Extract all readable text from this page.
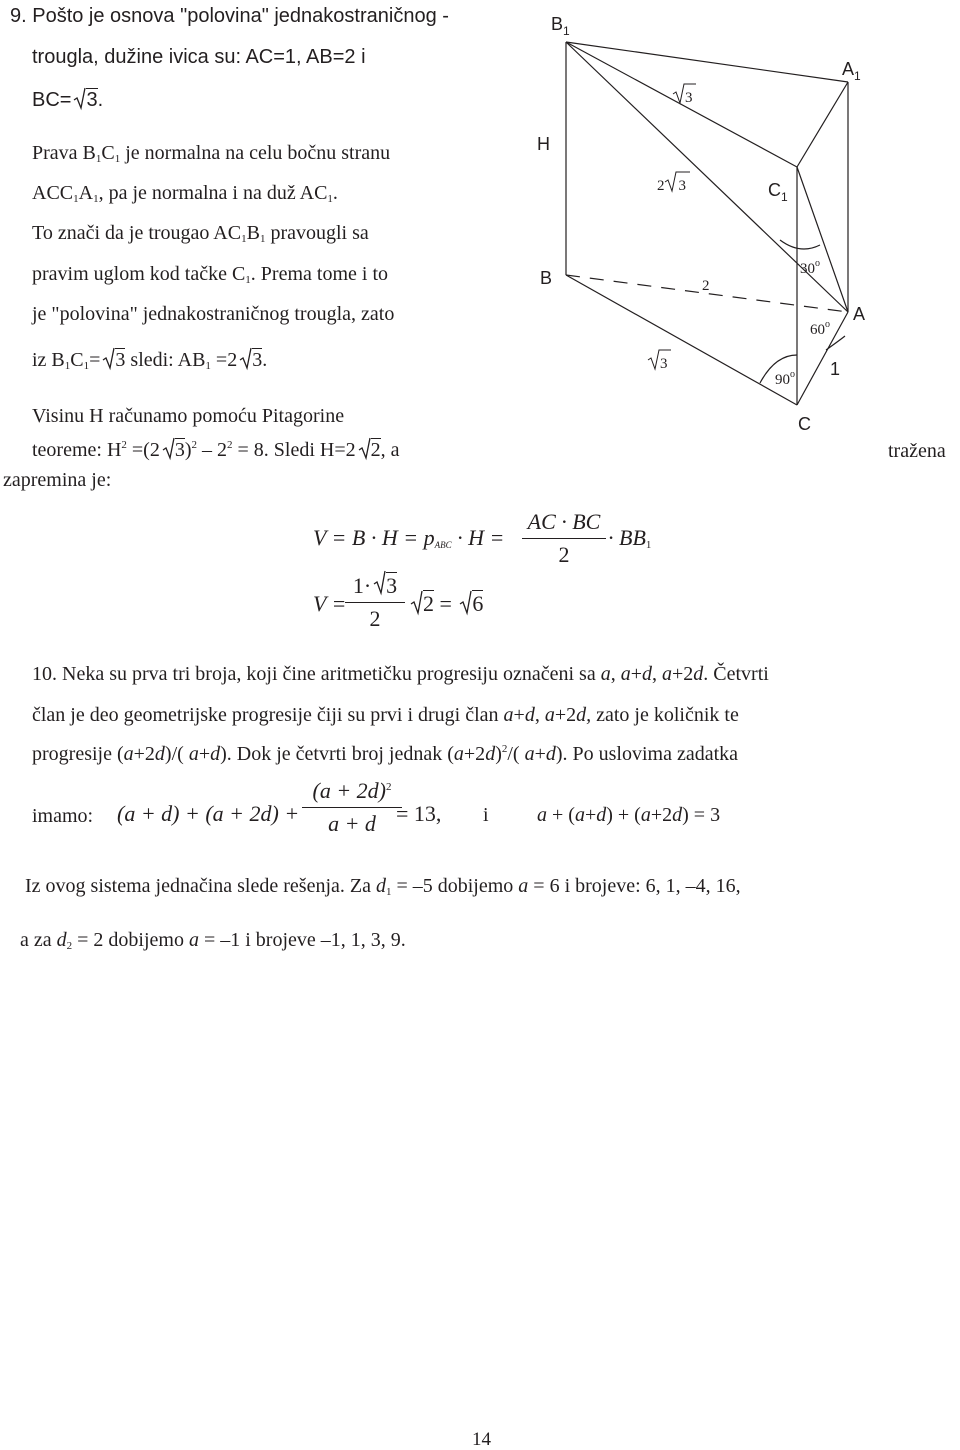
9. Pošto je osnova "polovina" jednakostraničnog -
trougla, dužine ivica su: AC=1, AB=2 i
BC= 3.
Prava $B_1C_1$ je normalna na celu bočnu stranu
$ACC_1A_1$, pa je normalna i na duž $AC_1$.
To znači da je trougao $AC_1B_1$ pravougli sa
pravim uglom kod tačke $C_1$. Prema tome i to
je "polovina" jednakostraničnog trougla, zato
iz $B_1C_1= 3$ sledi: $AB_1 =2$ 3.
Visinu H računamo pomoću Pitagorine
teoreme: $H^2 =(2$ $3)^2 - 2^2 = 8$. Sledi H=2 2, a	tražena
zapremina je:
$V = B \cdot H = p_{ABC} \cdot H$ =
AC · BC
2
· $BB_1$
V =
1· 3
2
2 = 6
$B_1$
$A_1$
H
$C_1$
B
A
1
C
3
2 3
2
3
30$^o$
60$^o$
90$^o$
10. Neka su prva tri broja, koji čine aritmetičku progresiju označeni sa a, a+d, a+2d. Četvrti
član je deo geometrijske progresije čiji su prvi i drugi član a+d, a+2d, zato je količnik te
progresije (a+2d)/( a+d). Dok je četvrti broj jednak $(a+2d)^2/$( a+d). Po uslovima zadatka
imamo: (a + d) + (a + 2d) +
$(a + 2d)^2$
a + d = 13, i a + (a+d) + (a+2d) = 3
Iz ovog sistema jednačina slede rešenja. Za $d_1 = -5$ dobijemo a = 6 i brojeve: 6, 1, –4, 16,
a za $d_2 = 2$ dobijemo a = –1 i brojeve –1, 1, 3, 9.
14
